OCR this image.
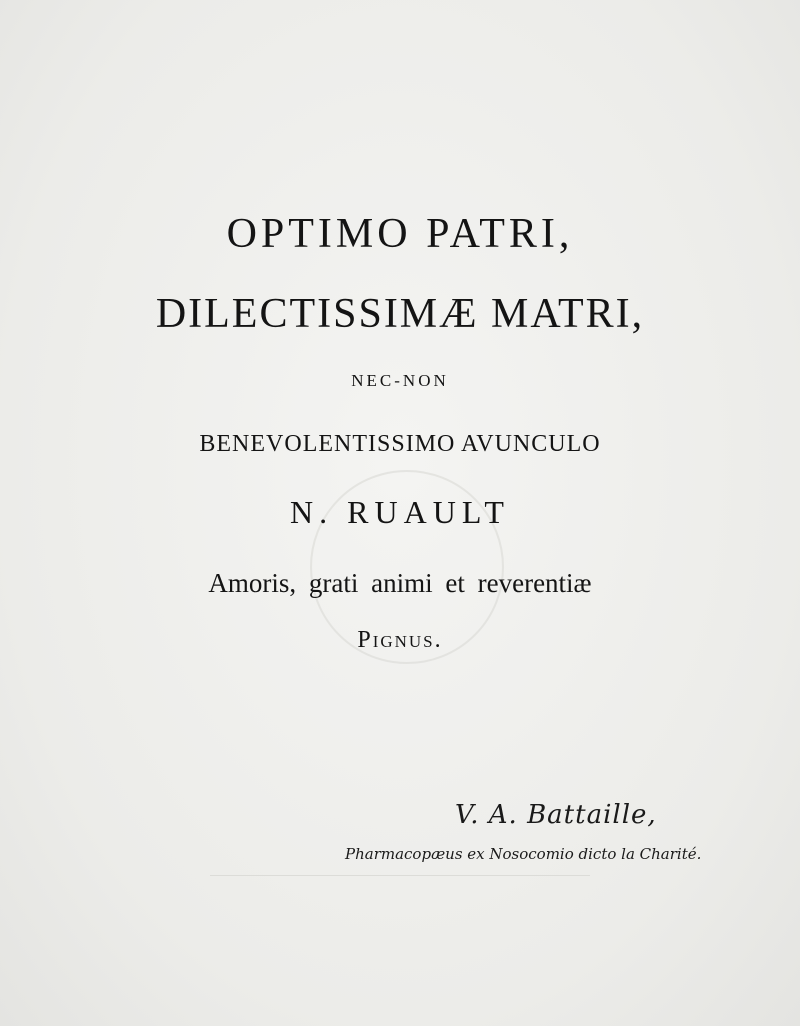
OPTIMO PATRI,
DILECTISSIMÆ MATRI,
NEC-NON
BENEVOLENTISSIMO AVUNCULO
N. RUAULT
Amoris, grati animi et reverentiæ
Pignus.
V. A. Battaille,
Pharmacopæus ex Nosocomio dicto la Charité.
